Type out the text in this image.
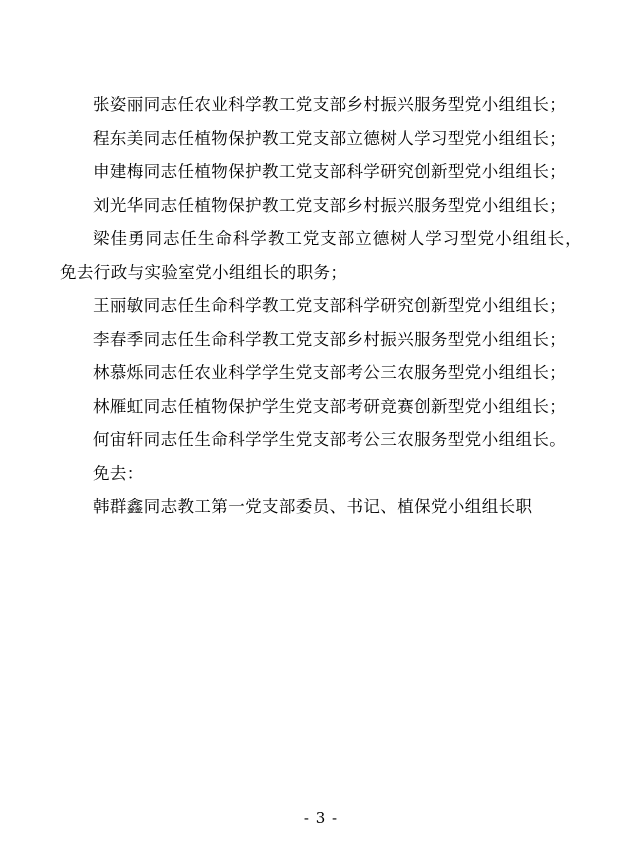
张姿丽同志任农业科学教工党支部乡村振兴服务型党小组组长；

程东美同志任植物保护教工党支部立德树人学习型党小组组长；

申建梅同志任植物保护教工党支部科学研究创新型党小组组长；

刘光华同志任植物保护教工党支部乡村振兴服务型党小组组长；

梁佳勇同志任生命科学教工党支部立德树人学习型党小组组长，免去行政与实验室党小组组长的职务；

王丽敏同志任生命科学教工党支部科学研究创新型党小组组长；

李春季同志任生命科学教工党支部乡村振兴服务型党小组组长；

林慕烁同志任农业科学学生党支部考公三农服务型党小组组长；

林雁虹同志任植物保护学生党支部考研竞赛创新型党小组组长；

何宙轩同志任生命科学学生党支部考公三农服务型党小组组长。

免去：

韩群鑫同志教工第一党支部委员、书记、植保党小组组长职

- 3 -
